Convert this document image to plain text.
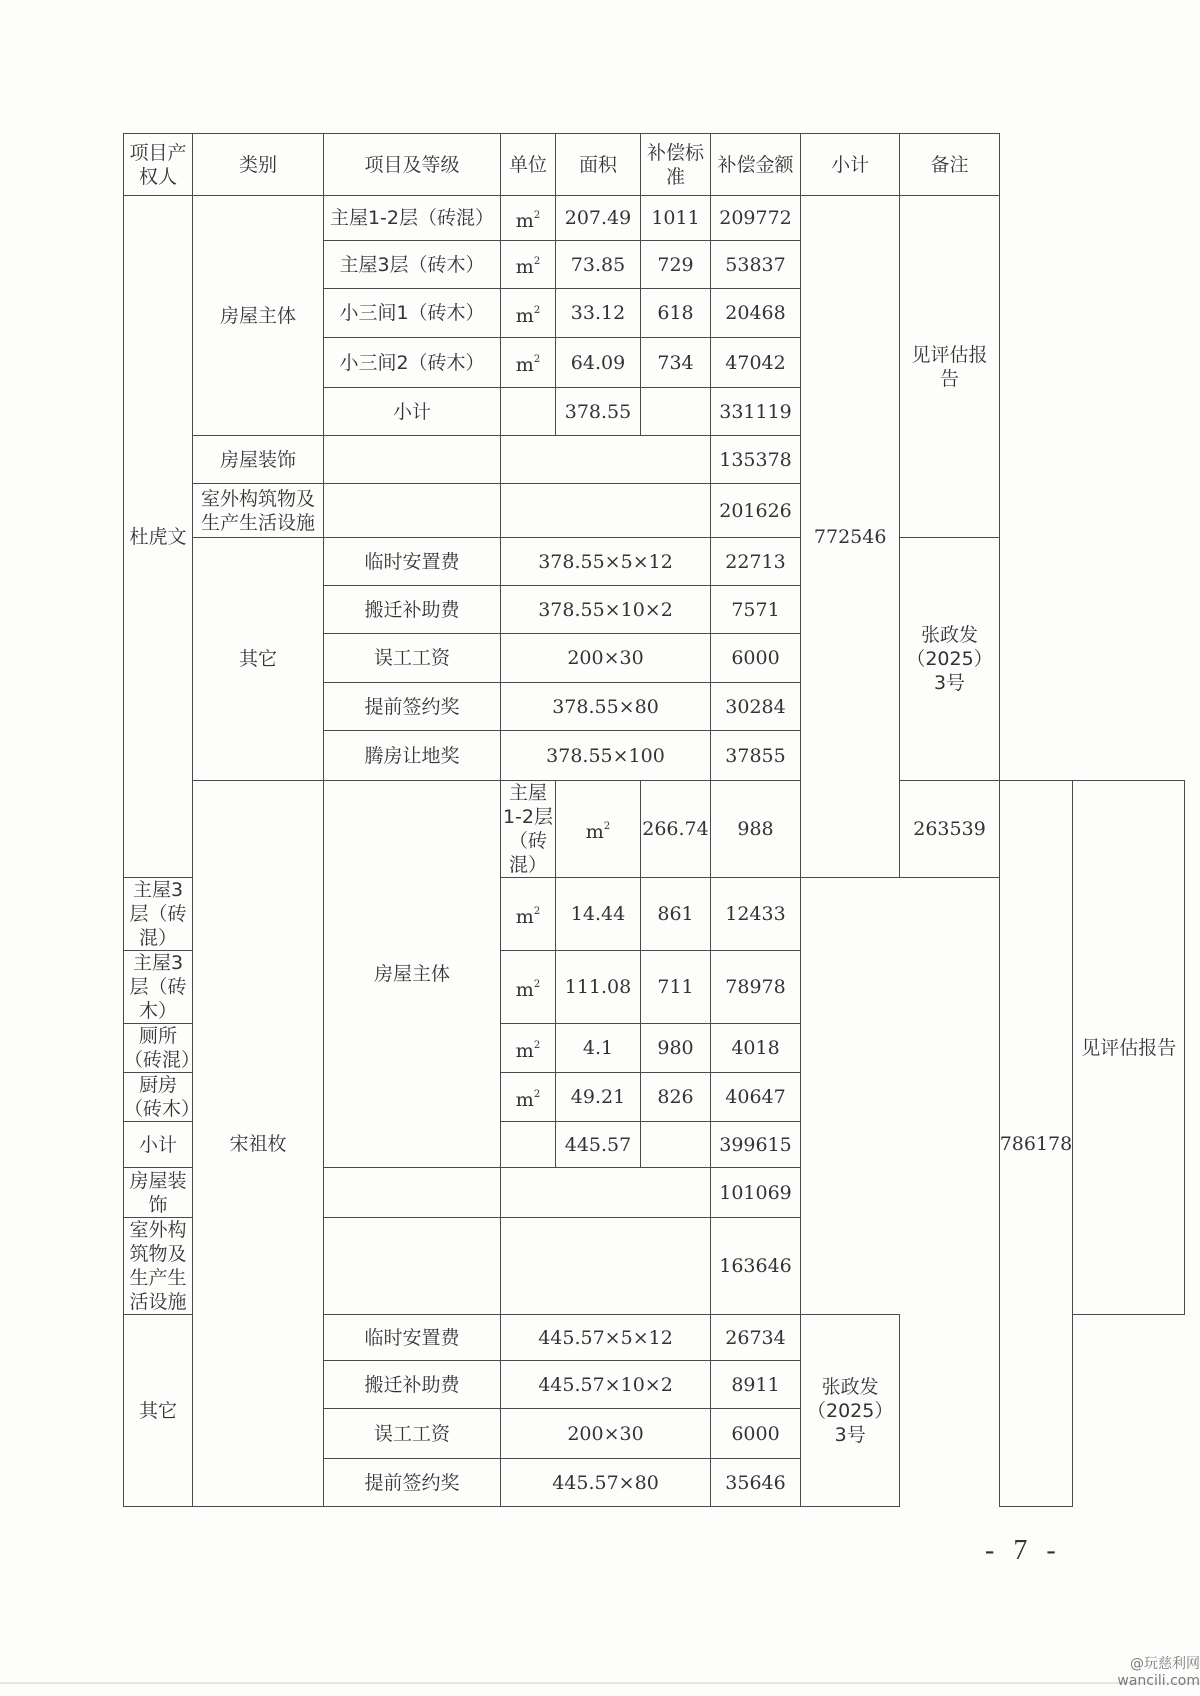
项目产权人	类别	项目及等级	单位	面积	补偿标准	补偿金额	小计	备注		
杜虎文	房屋主体	主屋1-2层（砖混）	$m^2$	207.49	1011	209772	772546	见评估报告		
		主屋3层（砖木）	$m^2$	73.85	729	53837				
		小三间1（砖木）	$m^2$	33.12	618	20468				
		小三间2（砖木）	$m^2$	64.09	734	47042				
		小计		378.55		331119				
	房屋装饰					135378				
	室外构筑物及生产生活设施					201626				
	其它	临时安置费	378.55×5×12			22713		张政发（2025）3号		
		搬迁补助费	378.55×10×2			7571				
		误工工资	200×30			6000				
		提前签约奖	378.55×80			30284				
		腾房让地奖	378.55×100			37855				
	宋祖枚	房屋主体	主屋1-2层（砖混）	$m^2$	266.74	988		263539	786178	见评估报告
主屋3层（砖混）			$m^2$	14.44	861	12433				
主屋3层（砖木）			$m^2$	111.08	711	78978				
厕所（砖混）			$m^2$	4.1	980	4018				
厨房（砖木）			$m^2$	49.21	826	40647				
小计				445.57		399615				
房屋装饰						101069				
室外构筑物及生产生活设施						163646				
其它		临时安置费	445.57×5×12			26734	张政发（2025）3号			
		搬迁补助费	445.57×10×2			8911				
		误工工资	200×30			6000				
		提前签约奖	445.57×80			35646				
- 7 -
@玩慈利网
wancili.com
